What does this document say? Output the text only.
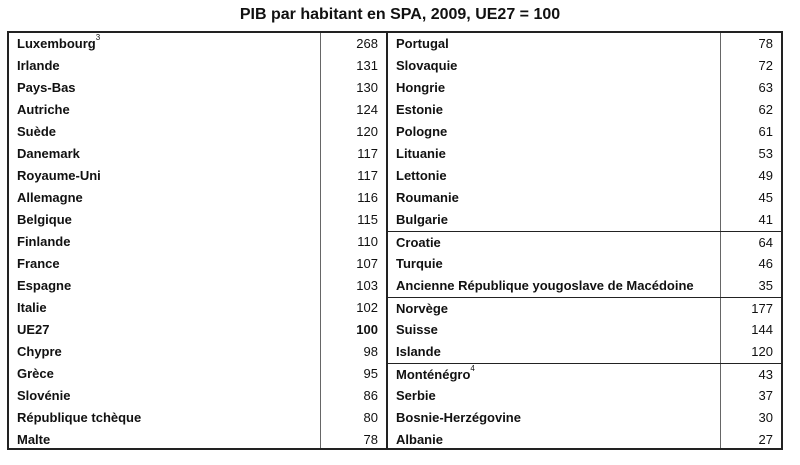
PIB par habitant en SPA, 2009, UE27 = 100
Luxembourg$^3$	268
Irlande	131
Pays-Bas	130
Autriche	124
Suède	120
Danemark	117
Royaume-Uni	117
Allemagne	116
Belgique	115
Finlande	110
France	107
Espagne	103
Italie	102
UE27	100
Chypre	98
Grèce	95
Slovénie	86
République tchèque	80
Malte	78
Portugal	78
Slovaquie	72
Hongrie	63
Estonie	62
Pologne	61
Lituanie	53
Lettonie	49
Roumanie	45
Bulgarie	41
Croatie	64
Turquie	46
Ancienne République yougoslave de Macédoine	35
Norvège	177
Suisse	144
Islande	120
Monténégro$^4$	43
Serbie	37
Bosnie-Herzégovine	30
Albanie	27
